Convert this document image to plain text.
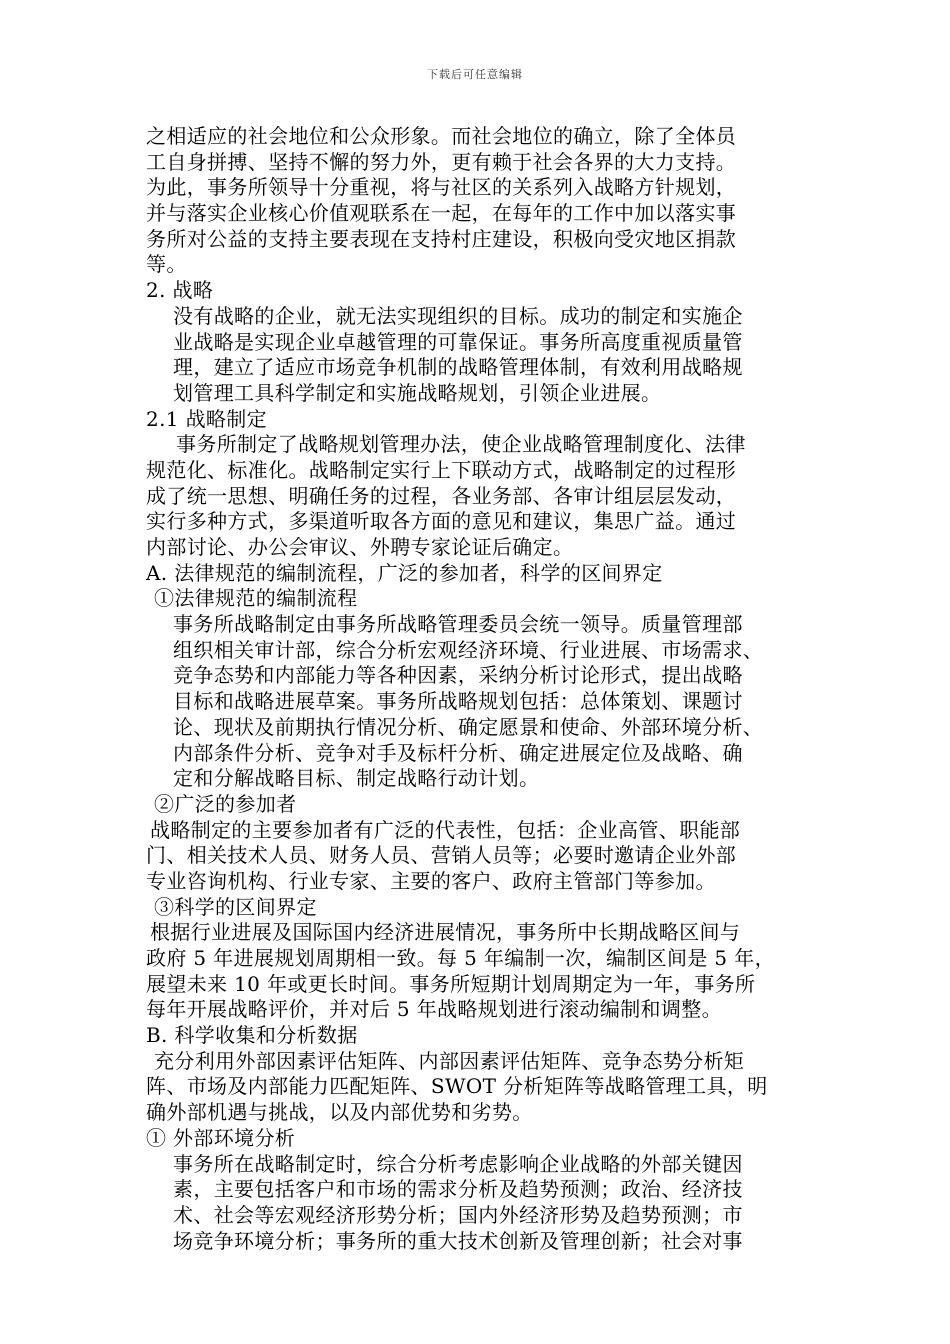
下载后可任意编辑
之相适应的社会地位和公众形象。而社会地位的确立，除了全体员
工自身拼搏、坚持不懈的努力外，更有赖于社会各界的大力支持。
为此，事务所领导十分重视，将与社区的关系列入战略方针规划，
并与落实企业核心价值观联系在一起，在每年的工作中加以落实事
务所对公益的支持主要表现在支持村庄建设，积极向受灾地区捐款
等。
2. 战略
没有战略的企业，就无法实现组织的目标。成功的制定和实施企
业战略是实现企业卓越管理的可靠保证。事务所高度重视质量管
理，建立了适应市场竞争机制的战略管理体制，有效利用战略规
划管理工具科学制定和实施战略规划，引领企业进展。
2.1 战略制定
事务所制定了战略规划管理办法，使企业战略管理制度化、法律
规范化、标准化。战略制定实行上下联动方式，战略制定的过程形
成了统一思想、明确任务的过程，各业务部、各审计组层层发动，
实行多种方式，多渠道听取各方面的意见和建议，集思广益。通过
内部讨论、办公会审议、外聘专家论证后确定。
A. 法律规范的编制流程，广泛的参加者，科学的区间界定
①法律规范的编制流程
事务所战略制定由事务所战略管理委员会统一领导。质量管理部
组织相关审计部，综合分析宏观经济环境、行业进展、市场需求、
竞争态势和内部能力等各种因素，采纳分析讨论形式，提出战略
目标和战略进展草案。事务所战略规划包括：总体策划、课题讨
论、现状及前期执行情况分析、确定愿景和使命、外部环境分析、
内部条件分析、竞争对手及标杆分析、确定进展定位及战略、确
定和分解战略目标、制定战略行动计划。
②广泛的参加者
战略制定的主要参加者有广泛的代表性，包括：企业高管、职能部
门、相关技术人员、财务人员、营销人员等；必要时邀请企业外部
专业咨询机构、行业专家、主要的客户、政府主管部门等参加。
③科学的区间界定
根据行业进展及国际国内经济进展情况，事务所中长期战略区间与
政府 5 年进展规划周期相一致。每 5 年编制一次，编制区间是 5 年，
展望未来 10 年或更长时间。事务所短期计划周期定为一年，事务所
每年开展战略评价，并对后 5 年战略规划进行滚动编制和调整。
B. 科学收集和分析数据
充分利用外部因素评估矩阵、内部因素评估矩阵、竞争态势分析矩
阵、市场及内部能力匹配矩阵、SWOT 分析矩阵等战略管理工具，明
确外部机遇与挑战，以及内部优势和劣势。
① 外部环境分析
事务所在战略制定时，综合分析考虑影响企业战略的外部关键因
素，主要包括客户和市场的需求分析及趋势预测；政治、经济技
术、社会等宏观经济形势分析；国内外经济形势及趋势预测；市
场竞争环境分析；事务所的重大技术创新及管理创新；社会对事
